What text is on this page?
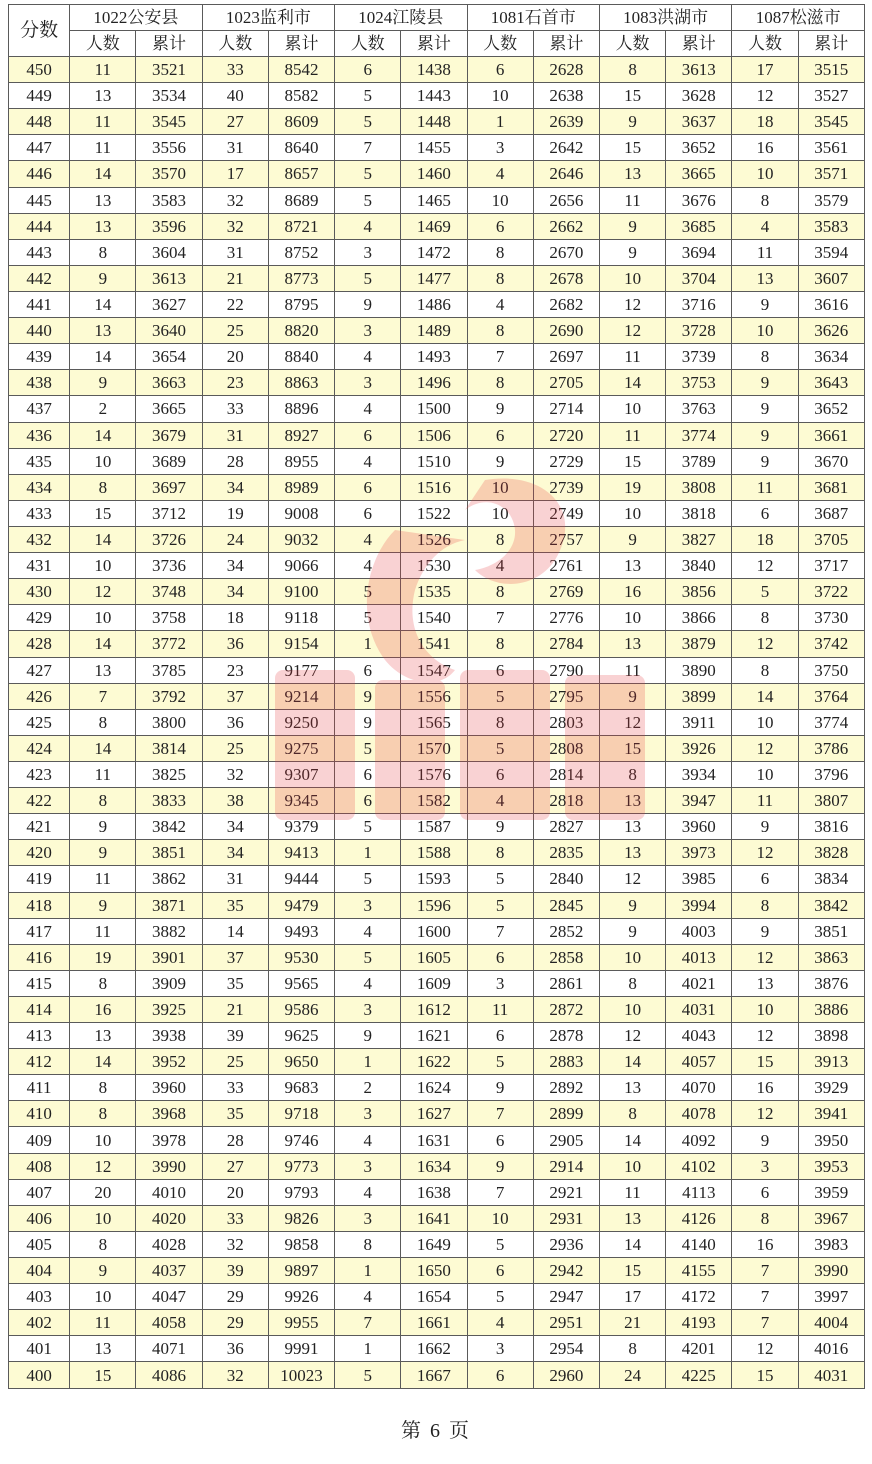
分数	1022公安县		1023监利市		1024江陵县		1081石首市		1083洪湖市		1087松滋市	
	人数	累计	人数	累计	人数	累计	人数	累计	人数	累计	人数	累计
450	11	3521	33	8542	6	1438	6	2628	8	3613	17	3515
449	13	3534	40	8582	5	1443	10	2638	15	3628	12	3527
448	11	3545	27	8609	5	1448	1	2639	9	3637	18	3545
447	11	3556	31	8640	7	1455	3	2642	15	3652	16	3561
446	14	3570	17	8657	5	1460	4	2646	13	3665	10	3571
445	13	3583	32	8689	5	1465	10	2656	11	3676	8	3579
444	13	3596	32	8721	4	1469	6	2662	9	3685	4	3583
443	8	3604	31	8752	3	1472	8	2670	9	3694	11	3594
442	9	3613	21	8773	5	1477	8	2678	10	3704	13	3607
441	14	3627	22	8795	9	1486	4	2682	12	3716	9	3616
440	13	3640	25	8820	3	1489	8	2690	12	3728	10	3626
439	14	3654	20	8840	4	1493	7	2697	11	3739	8	3634
438	9	3663	23	8863	3	1496	8	2705	14	3753	9	3643
437	2	3665	33	8896	4	1500	9	2714	10	3763	9	3652
436	14	3679	31	8927	6	1506	6	2720	11	3774	9	3661
435	10	3689	28	8955	4	1510	9	2729	15	3789	9	3670
434	8	3697	34	8989	6	1516	10	2739	19	3808	11	3681
433	15	3712	19	9008	6	1522	10	2749	10	3818	6	3687
432	14	3726	24	9032	4	1526	8	2757	9	3827	18	3705
431	10	3736	34	9066	4	1530	4	2761	13	3840	12	3717
430	12	3748	34	9100	5	1535	8	2769	16	3856	5	3722
429	10	3758	18	9118	5	1540	7	2776	10	3866	8	3730
428	14	3772	36	9154	1	1541	8	2784	13	3879	12	3742
427	13	3785	23	9177	6	1547	6	2790	11	3890	8	3750
426	7	3792	37	9214	9	1556	5	2795	9	3899	14	3764
425	8	3800	36	9250	9	1565	8	2803	12	3911	10	3774
424	14	3814	25	9275	5	1570	5	2808	15	3926	12	3786
423	11	3825	32	9307	6	1576	6	2814	8	3934	10	3796
422	8	3833	38	9345	6	1582	4	2818	13	3947	11	3807
421	9	3842	34	9379	5	1587	9	2827	13	3960	9	3816
420	9	3851	34	9413	1	1588	8	2835	13	3973	12	3828
419	11	3862	31	9444	5	1593	5	2840	12	3985	6	3834
418	9	3871	35	9479	3	1596	5	2845	9	3994	8	3842
417	11	3882	14	9493	4	1600	7	2852	9	4003	9	3851
416	19	3901	37	9530	5	1605	6	2858	10	4013	12	3863
415	8	3909	35	9565	4	1609	3	2861	8	4021	13	3876
414	16	3925	21	9586	3	1612	11	2872	10	4031	10	3886
413	13	3938	39	9625	9	1621	6	2878	12	4043	12	3898
412	14	3952	25	9650	1	1622	5	2883	14	4057	15	3913
411	8	3960	33	9683	2	1624	9	2892	13	4070	16	3929
410	8	3968	35	9718	3	1627	7	2899	8	4078	12	3941
409	10	3978	28	9746	4	1631	6	2905	14	4092	9	3950
408	12	3990	27	9773	3	1634	9	2914	10	4102	3	3953
407	20	4010	20	9793	4	1638	7	2921	11	4113	6	3959
406	10	4020	33	9826	3	1641	10	2931	13	4126	8	3967
405	8	4028	32	9858	8	1649	5	2936	14	4140	16	3983
404	9	4037	39	9897	1	1650	6	2942	15	4155	7	3990
403	10	4047	29	9926	4	1654	5	2947	17	4172	7	3997
402	11	4058	29	9955	7	1661	4	2951	21	4193	7	4004
401	13	4071	36	9991	1	1662	3	2954	8	4201	12	4016
400	15	4086	32	10023	5	1667	6	2960	24	4225	15	4031
第 6 页
